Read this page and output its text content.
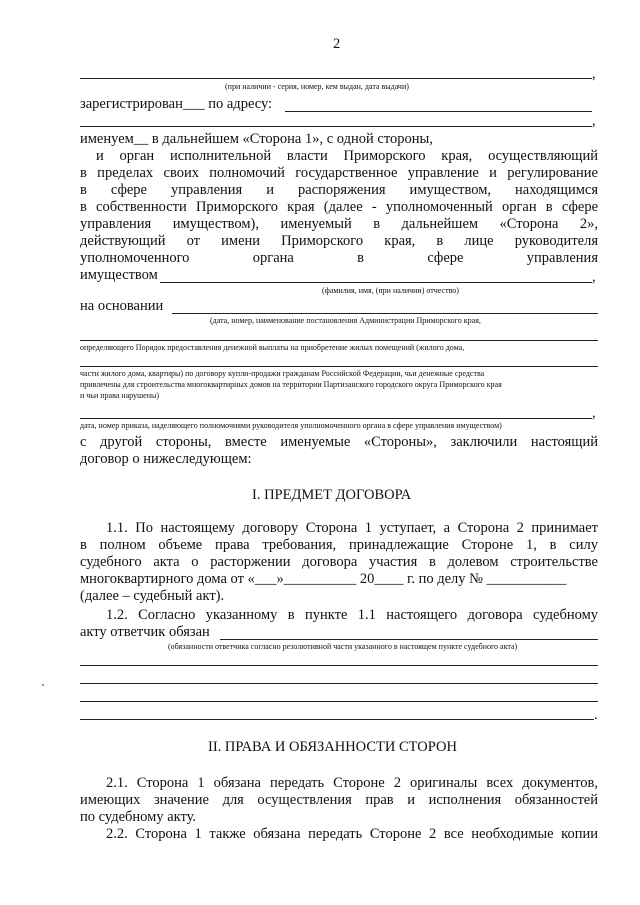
2
,
(при наличии - серия, номер, кем выдан, дата выдачи)
зарегистрирован___ по адресу:
,
именуем__ в дальнейшем «Сторона 1», с одной стороны,
и орган исполнительной власти Приморского края, осуществляющий
в пределах своих полномочий государственное управление и регулирование
в сфере управления и распоряжения имуществом, находящимся
в собственности Приморского края (далее - уполномоченный орган в сфере
управления имуществом), именуемый в дальнейшем «Сторона 2»,
действующий от имени Приморского края, в лице руководителя
уполномоченного органа в сфере управления
имуществом	,
(фамилия, имя, (при наличии) отчество)
на основании
(дата, номер, наименование постановления Администрации Приморского края,
определяющего Порядок предоставления денежной выплаты на приобретение жилых помещений (жилого дома,
части жилого дома, квартиры) по договору купли-продажи гражданам Российской Федерации, чьи денежные средства
привлечены для строительства многоквартирных домов на территории Партизанского городского округа Приморского края
и чьи права нарушены)
,
дата, номер приказа, наделяющего полномочиями руководителя уполномоченного органа в сфере управления имуществом)
с другой стороны, вместе именуемые «Стороны», заключили настоящий
договор о нижеследующем:
I. ПРЕДМЕТ ДОГОВОРА
1.1. По настоящему договору Сторона 1 уступает, а Сторона 2 принимает
в полном объеме права требования, принадлежащие Стороне 1, в силу
судебного акта о расторжении договора участия в долевом строительстве
многоквартирного дома от «___»__________ 20____ г. по делу № ___________
(далее – судебный акт).
1.2. Согласно указанному в пункте 1.1 настоящего договора судебному
акту ответчик обязан
(обязанности ответчика согласно резолютивной части указанного в настоящем пункте судебного акта)
.
II. ПРАВА И ОБЯЗАННОСТИ СТОРОН
2.1. Сторона 1 обязана передать Стороне 2 оригиналы всех документов,
имеющих значение для осуществления прав и исполнения обязанностей
по судебному акту.
2.2. Сторона 1 также обязана передать Стороне 2 все необходимые копии
